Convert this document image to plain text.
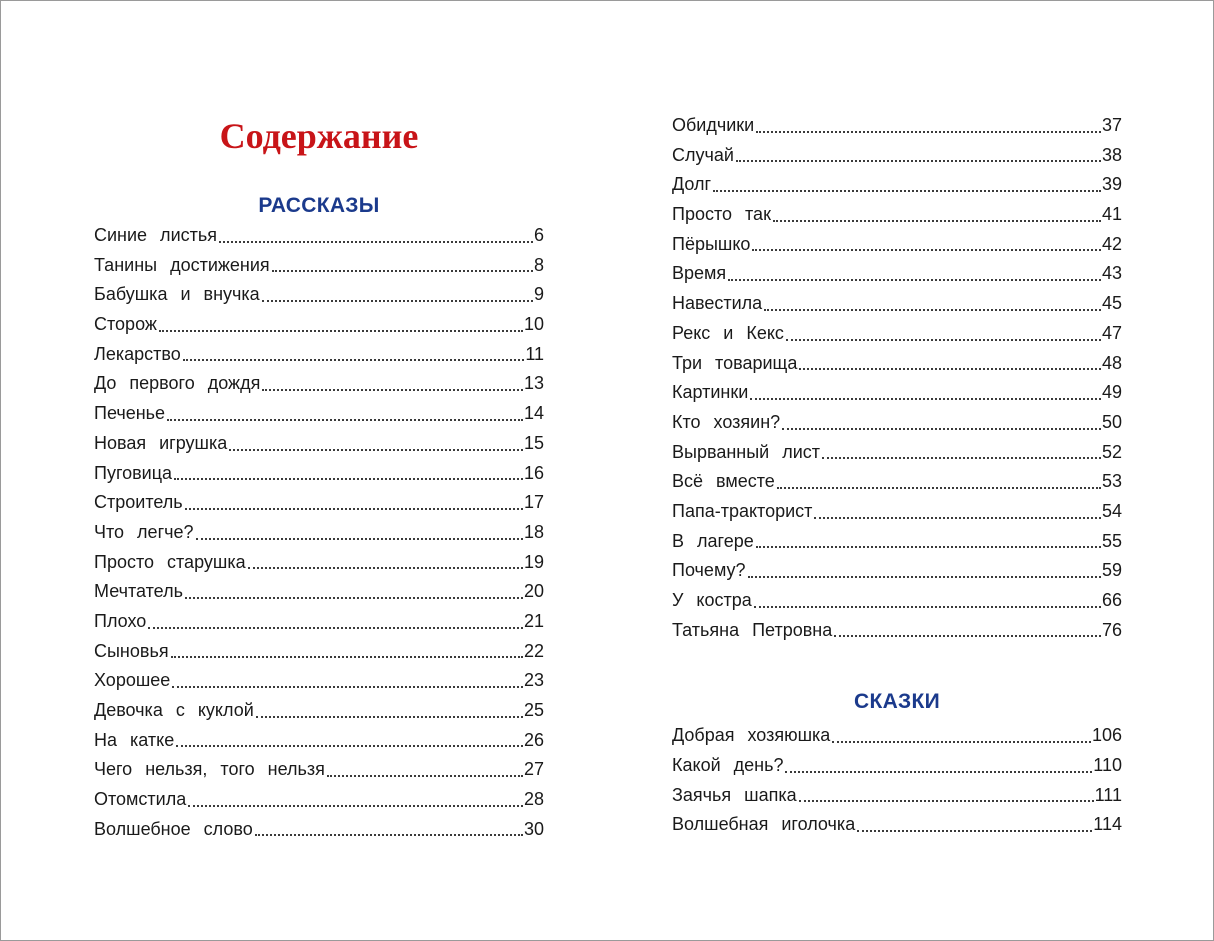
Содержание
РАССКАЗЫ
Синие листья	6
Танины достижения	8
Бабушка и внучка	9
Сторож	10
Лекарство	11
До первого дождя	13
Печенье	14
Новая игрушка	15
Пуговица	16
Строитель	17
Что легче?	18
Просто старушка	19
Мечтатель	20
Плохо	21
Сыновья	22
Хорошее	23
Девочка с куклой	25
На катке	26
Чего нельзя, того нельзя	27
Отомстила	28
Волшебное слово	30
Обидчики	37
Случай	38
Долг	39
Просто так	41
Пёрышко	42
Время	43
Навестила	45
Рекс и Кекс	47
Три товарища	48
Картинки	49
Кто хозяин?	50
Вырванный лист	52
Всё вместе	53
Папа-тракторист	54
В лагере	55
Почему?	59
У костра	66
Татьяна Петровна	76
СКАЗКИ
Добрая хозяюшка	106
Какой день?	110
Заячья шапка	111
Волшебная иголочка	114
